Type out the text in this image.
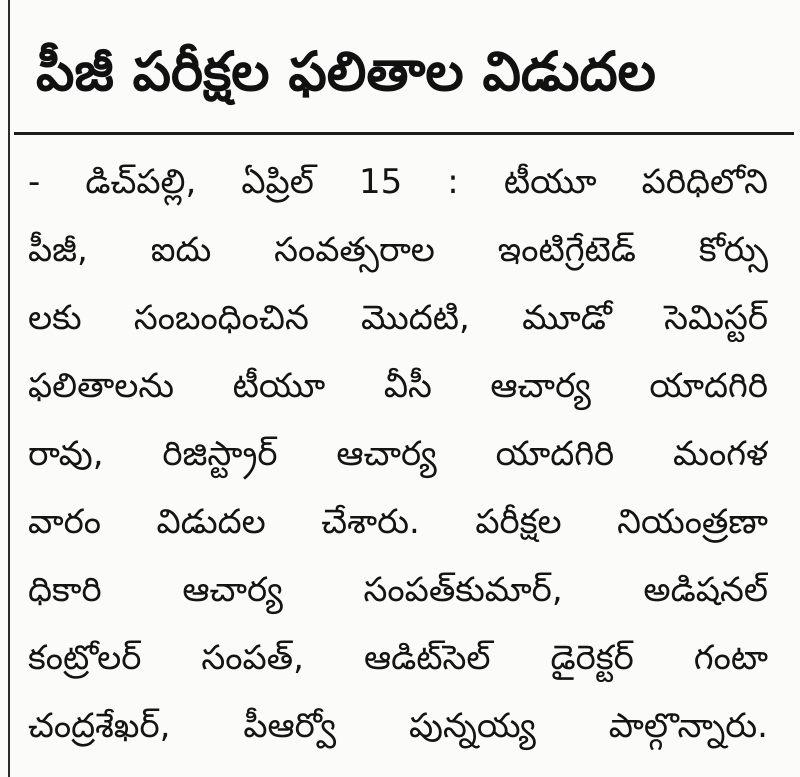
పీజీ పరీక్షల ఫలితాల విడుదల
- డిచ్‌పల్లి, ఏప్రిల్ 15 : టీయూ పరిధిలోని
పీజీ, ఐదు సంవత్సరాల ఇంటిగ్రేటెడ్ కోర్సు
లకు సంబంధించిన మొదటి, మూడో సెమిస్టర్
ఫలితాలను టీయూ వీసీ ఆచార్య యాదగిరి
రావు, రిజిస్ట్రార్ ఆచార్య యాదగిరి మంగళ
వారం విడుదల చేశారు. పరీక్షల నియంత్రణా
ధికారి ఆచార్య సంపత్‌కుమార్, అడిషనల్
కంట్రోలర్ సంపత్, ఆడిట్‌సెల్ డైరెక్టర్ గంటా
చంద్రశేఖర్, పీఆర్వో పున్నయ్య పాల్గొన్నారు.
